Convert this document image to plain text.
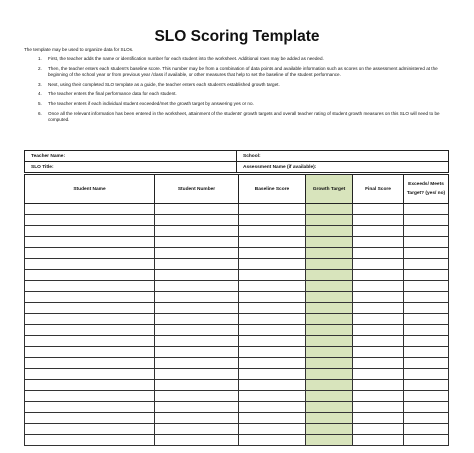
SLO Scoring Template
The template may be used to organize data for SLOs.
1. First, the teacher adds the name or identification number for each student into the worksheet. Additional rows may be added as needed.
2. Then, the teacher enters each student's baseline score. This number may be from a combination of data points and available information such as scores on the assessment administered at the beginning of the school year or from previous year /class if available, or other measures that help to set the baseline of the student performance.
3. Next, using their completed SLO template as a guide, the teacher enters each student's established growth target.
4. The teacher enters the final performance data for each student.
5. The teacher enters if each individual student exceeded/met the growth target by answering yes or no.
6. Once all the relevant information has been entered in the worksheet, attainment of the students' growth targets and overall teacher rating of student growth measures on this SLO will need to be computed.
Teacher Name:	School:
SLO Title:	Assessment Name (if available):
Student Name	Student Number	Baseline Score	Growth Target	Final Score	Exceeds/ Meets
Target? (yes/ no)
